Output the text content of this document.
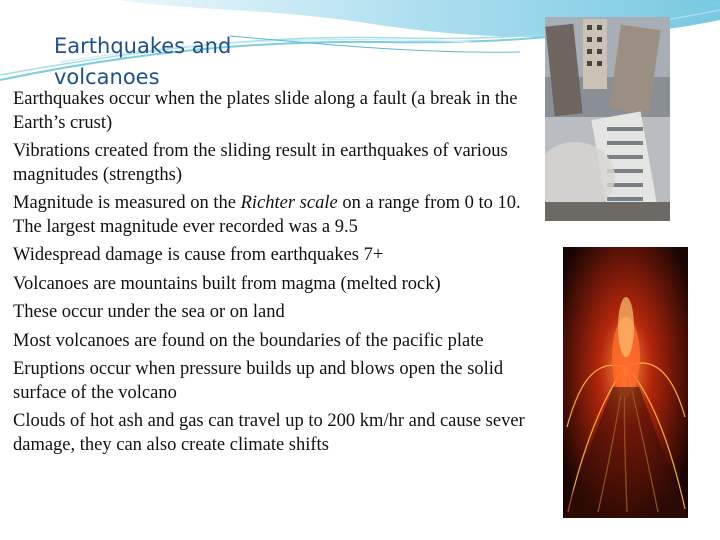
Earthquakes and volcanoes
Earthquakes occur when the plates slide along a fault (a break in the Earth’s crust)
Vibrations created from the sliding result in earthquakes of various magnitudes (strengths)
Magnitude is measured on the Richter scale on a range from 0 to 10. The largest magnitude ever recorded was a 9.5
Widespread damage is cause from earthquakes 7+
Volcanoes are mountains built from magma (melted rock)
These occur under the sea or on land
Most volcanoes are found on the boundaries of the pacific plate
Eruptions occur when pressure builds up and blows open the solid surface of the volcano
Clouds of hot ash and gas can travel up to 200 km/hr and cause sever damage, they can also create climate shifts
